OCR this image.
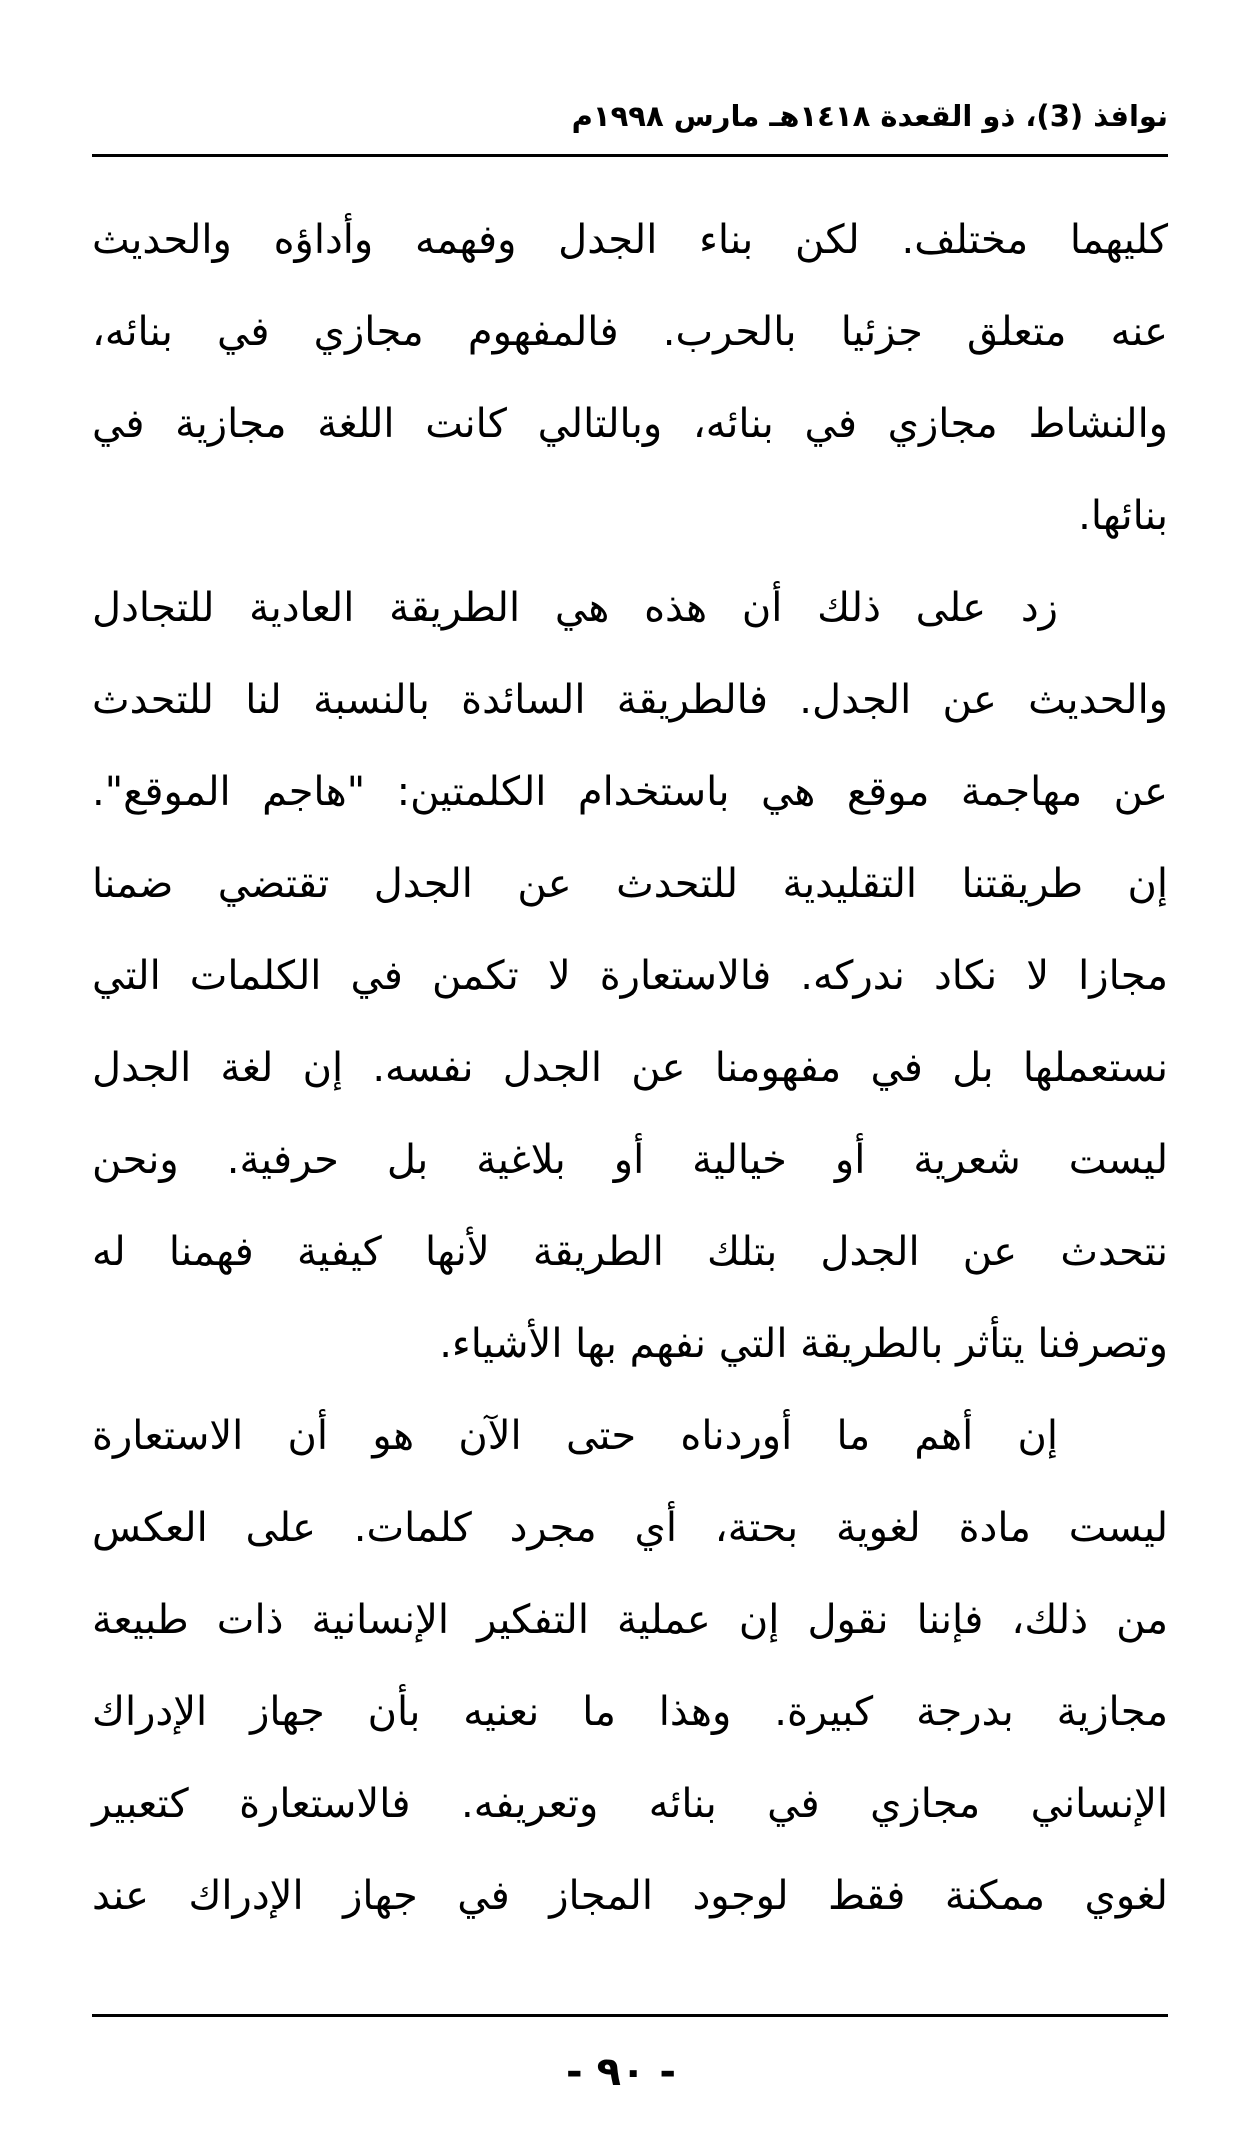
نوافذ (3)، ذو القعدة ١٤١٨هـ مارس ١٩٩٨م
كليهما مختلف. لكن بناء الجدل وفهمه وأداؤه والحديث
عنه متعلق جزئيا بالحرب. فالمفهوم مجازي في بنائه،
والنشاط مجازي في بنائه، وبالتالي كانت اللغة مجازية في
بنائها.
زد على ذلك أن هذه هي الطريقة العادية للتجادل
والحديث عن الجدل. فالطريقة السائدة بالنسبة لنا للتحدث
عن مهاجمة موقع هي باستخدام الكلمتين: "هاجم الموقع".
إن طريقتنا التقليدية للتحدث عن الجدل تقتضي ضمنا
مجازا لا نكاد ندركه. فالاستعارة لا تكمن في الكلمات التي
نستعملها بل في مفهومنا عن الجدل نفسه. إن لغة الجدل
ليست شعرية أو خيالية أو بلاغية بل حرفية. ونحن
نتحدث عن الجدل بتلك الطريقة لأنها كيفية فهمنا له
وتصرفنا يتأثر بالطريقة التي نفهم بها الأشياء.
إن أهم ما أوردناه حتى الآن هو أن الاستعارة
ليست مادة لغوية بحتة، أي مجرد كلمات. على العكس
من ذلك، فإننا نقول إن عملية التفكير الإنسانية ذات طبيعة
مجازية بدرجة كبيرة. وهذا ما نعنيه بأن جهاز الإدراك
الإنساني مجازي في بنائه وتعريفه. فالاستعارة كتعبير
لغوي ممكنة فقط لوجود المجاز في جهاز الإدراك عند
- ٩٠ -
